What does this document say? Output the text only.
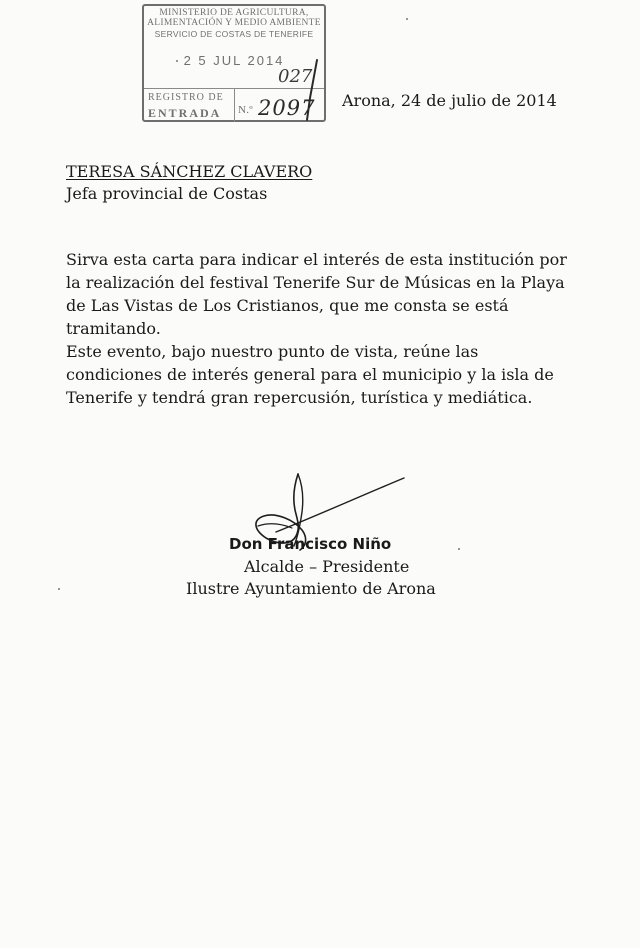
MINISTERIO DE AGRICULTURA,
ALIMENTACIÓN Y MEDIO AMBIENTE
SERVICIO DE COSTAS DE TENERIFE
2 5 JUL 2014
REGISTRO DE
ENTRADA N.º
027
2097 Arona, 24 de julio de 2014
TERESA SÁNCHEZ CLAVERO
Jefa provincial de Costas

Sirva esta carta para indicar el interés de esta institución por

la realización del festival Tenerife Sur de Músicas en la Playa

de Las Vistas de Los Cristianos, que me consta se está

tramitando.

Este evento, bajo nuestro punto de vista, reúne las

condiciones de interés general para el municipio y la isla de

Tenerife y tendrá gran repercusión, turística y mediática.

Don Francisco Niño
Alcalde – Presidente
Ilustre Ayuntamiento de Arona
